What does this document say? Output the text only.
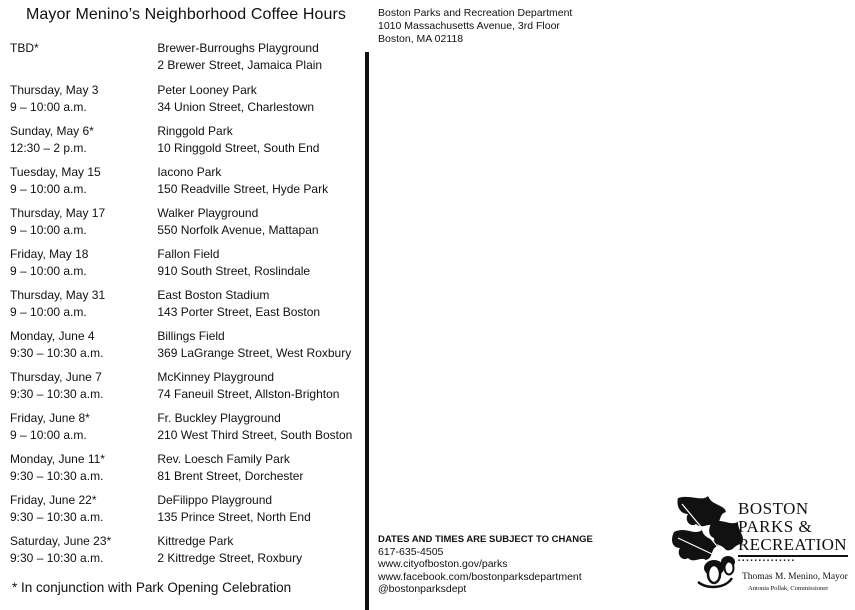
Mayor Menino’s Neighborhood Coffee Hours
TBD*	Brewer-Burroughs Playground
2 Brewer Street, Jamaica Plain
Thursday, May 3
9 – 10:00 a.m.
Peter Looney Park
34 Union Street, Charlestown
Sunday, May 6*
12:30 – 2 p.m.
Ringgold Park
10 Ringgold Street, South End
Tuesday, May 15
9 – 10:00 a.m.
Iacono Park
150 Readville Street, Hyde Park
Thursday, May 17
9 – 10:00 a.m.
Walker Playground
550 Norfolk Avenue, Mattapan
Friday, May 18
9 – 10:00 a.m.
Fallon Field
910 South Street, Roslindale
Thursday, May 31
9 – 10:00 a.m.
East Boston Stadium
143 Porter Street, East Boston
Monday, June 4
9:30 – 10:30 a.m.
Billings Field
369 LaGrange Street, West Roxbury
Thursday, June 7
9:30 – 10:30 a.m.
McKinney Playground
74 Faneuil Street, Allston-Brighton
Friday, June 8*
9 – 10:00 a.m.
Fr. Buckley Playground
210 West Third Street, South Boston
Monday, June 11*
9:30 – 10:30 a.m.
Rev. Loesch Family Park
81 Brent Street, Dorchester
Friday, June 22*
9:30 – 10:30 a.m.
DeFilippo Playground
135 Prince Street, North End
Saturday, June 23*
9:30 – 10:30 a.m.
Kittredge Park
2 Kittredge Street, Roxbury
* In conjunction with Park Opening Celebration
Boston Parks and Recreation Department
1010 Massachusetts Avenue, 3rd Floor
Boston, MA 02118
DATES AND TIMES ARE SUBJECT TO CHANGE
617-635-4505
www.cityofboston.gov/parks
www.facebook.com/bostonparksdepartment
@bostonparksdept
BOSTON
PARKS &
RECREATION
▪▪▪▪▪▪▪▪▪▪▪▪▪▪
Thomas M. Menino, Mayor
Antonia Pollak, Commissioner
